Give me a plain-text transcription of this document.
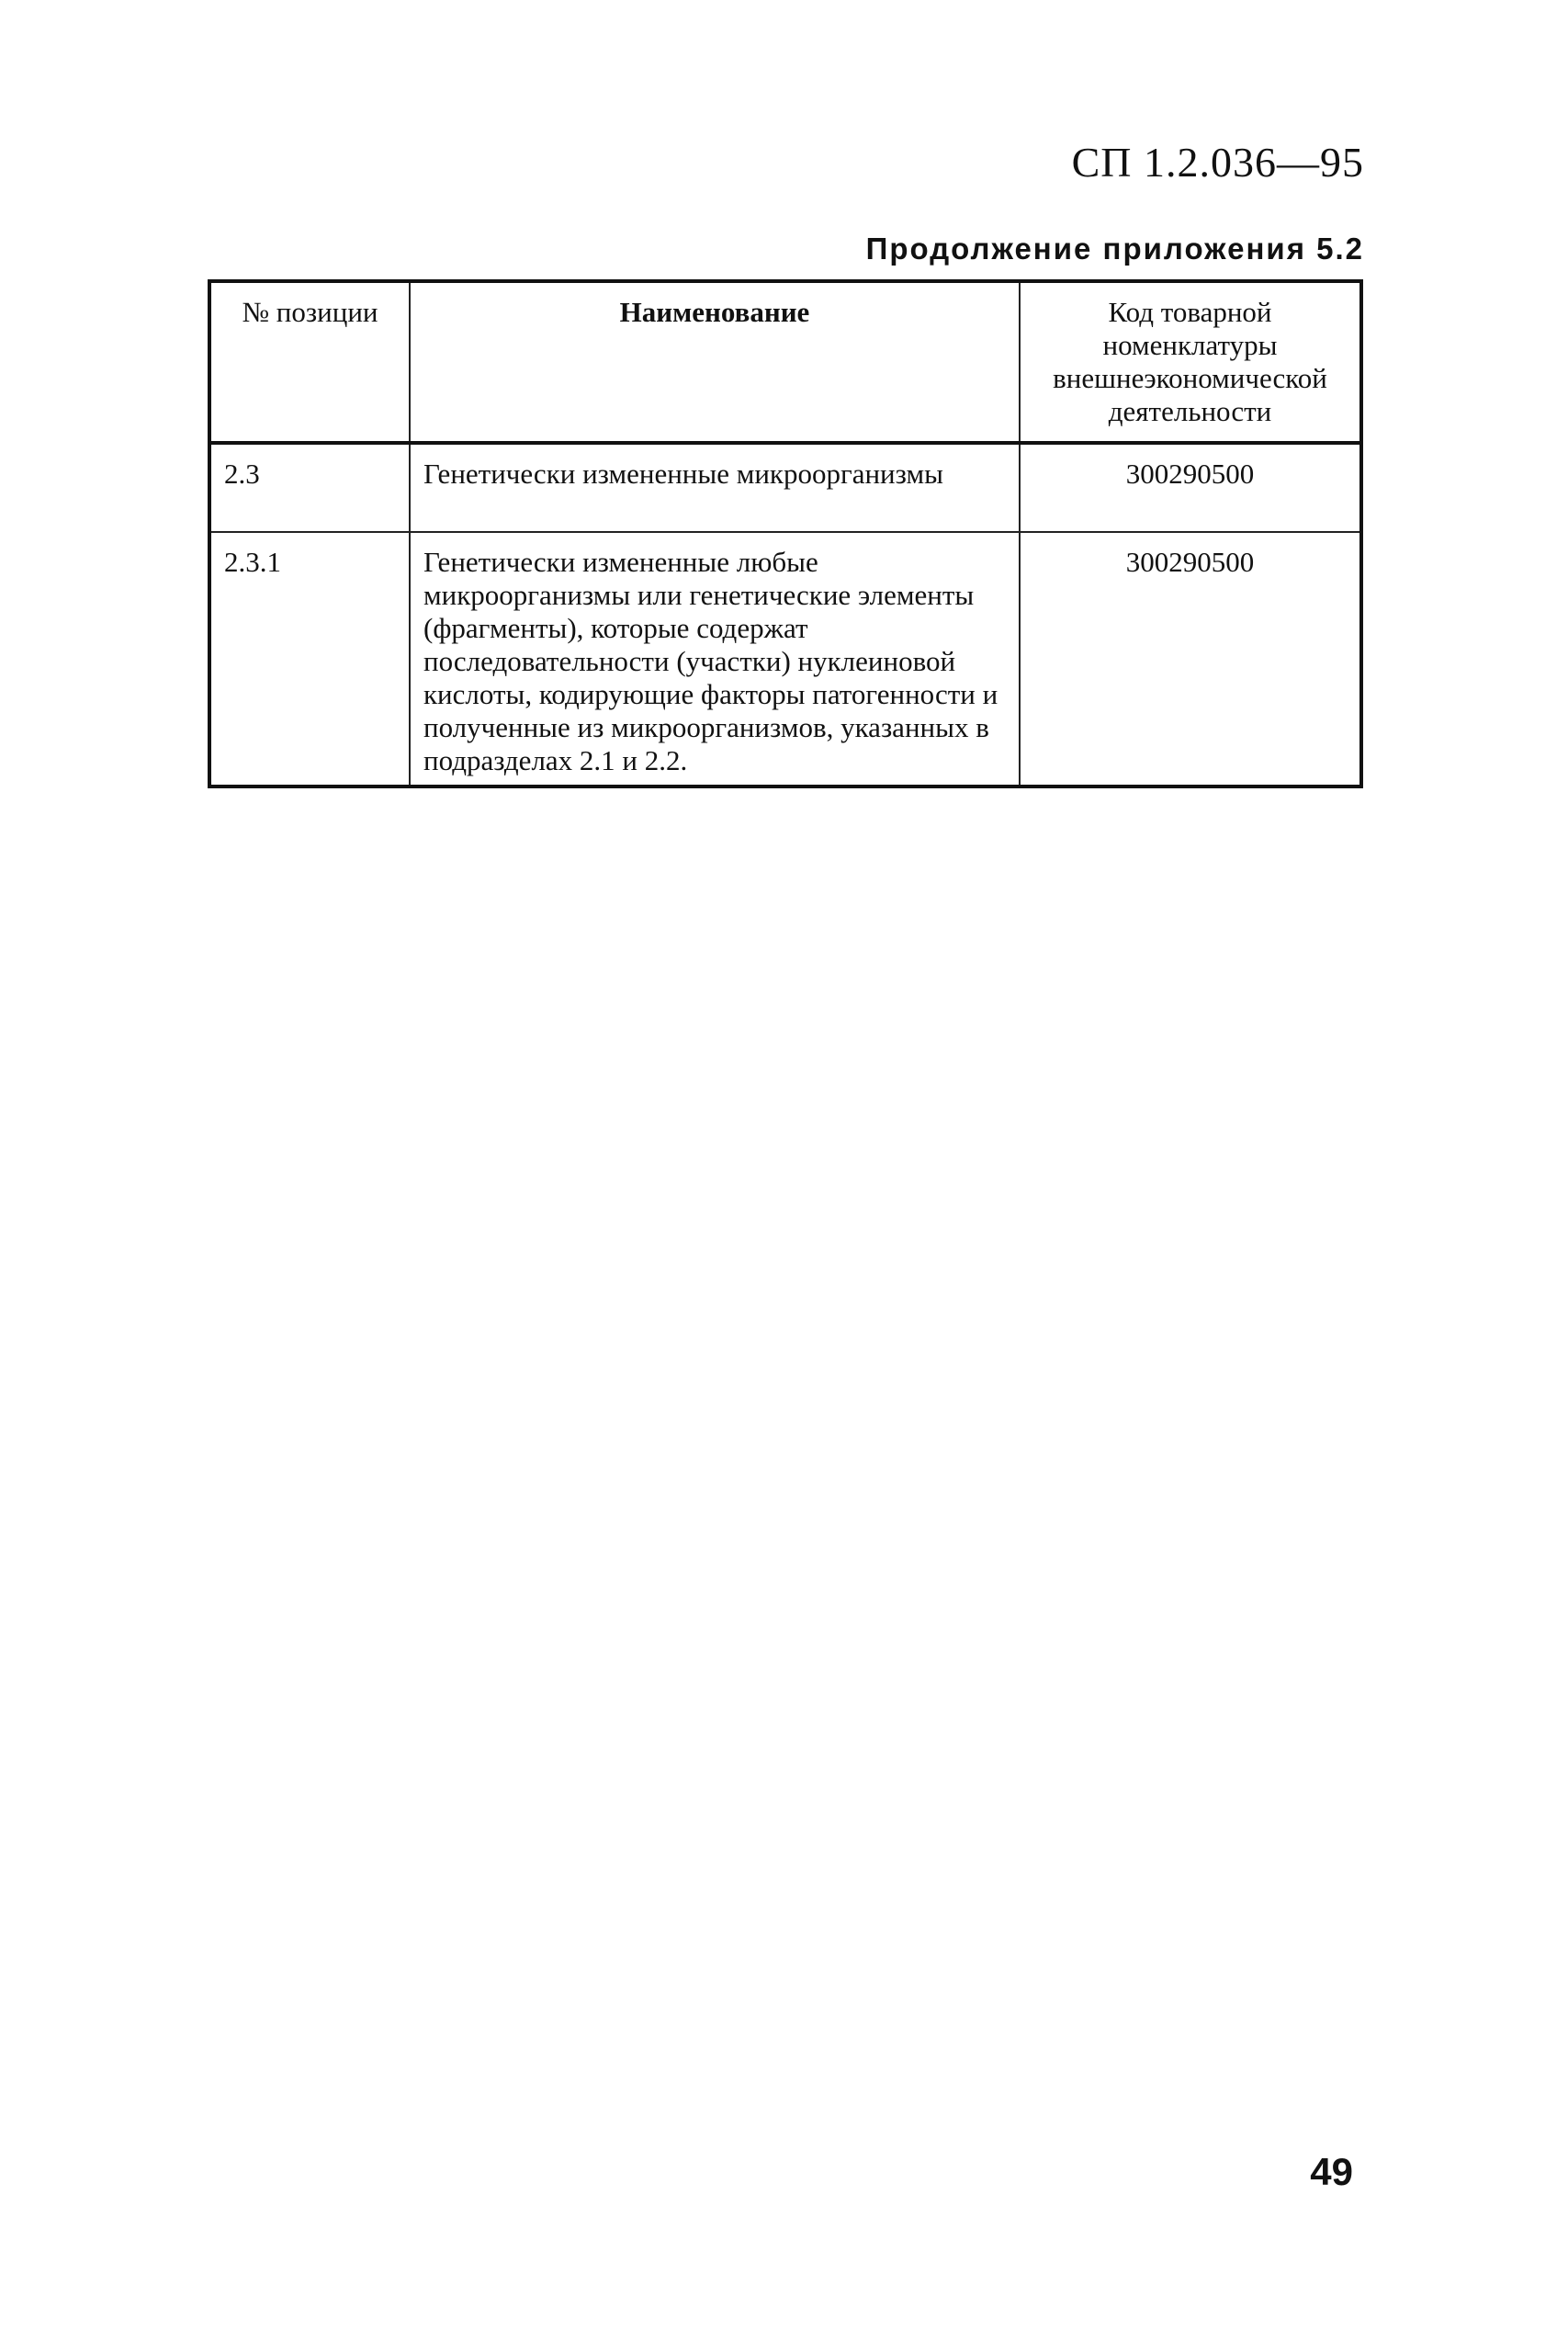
СП 1.2.036—95
Продолжение приложения 5.2
№ позиции	Наименование	Код товарной номенклатуры внешнеэкономической деятельности
2.3	Генетически измененные микроорганизмы	300290500
2.3.1	Генетически измененные любые микроорганизмы или генетические элементы (фрагменты), которые содержат последовательности (участки) нуклеиновой кислоты, кодирующие факторы патогенности и полученные из микроорганизмов, указанных в подразделах 2.1 и 2.2.	300290500
49
